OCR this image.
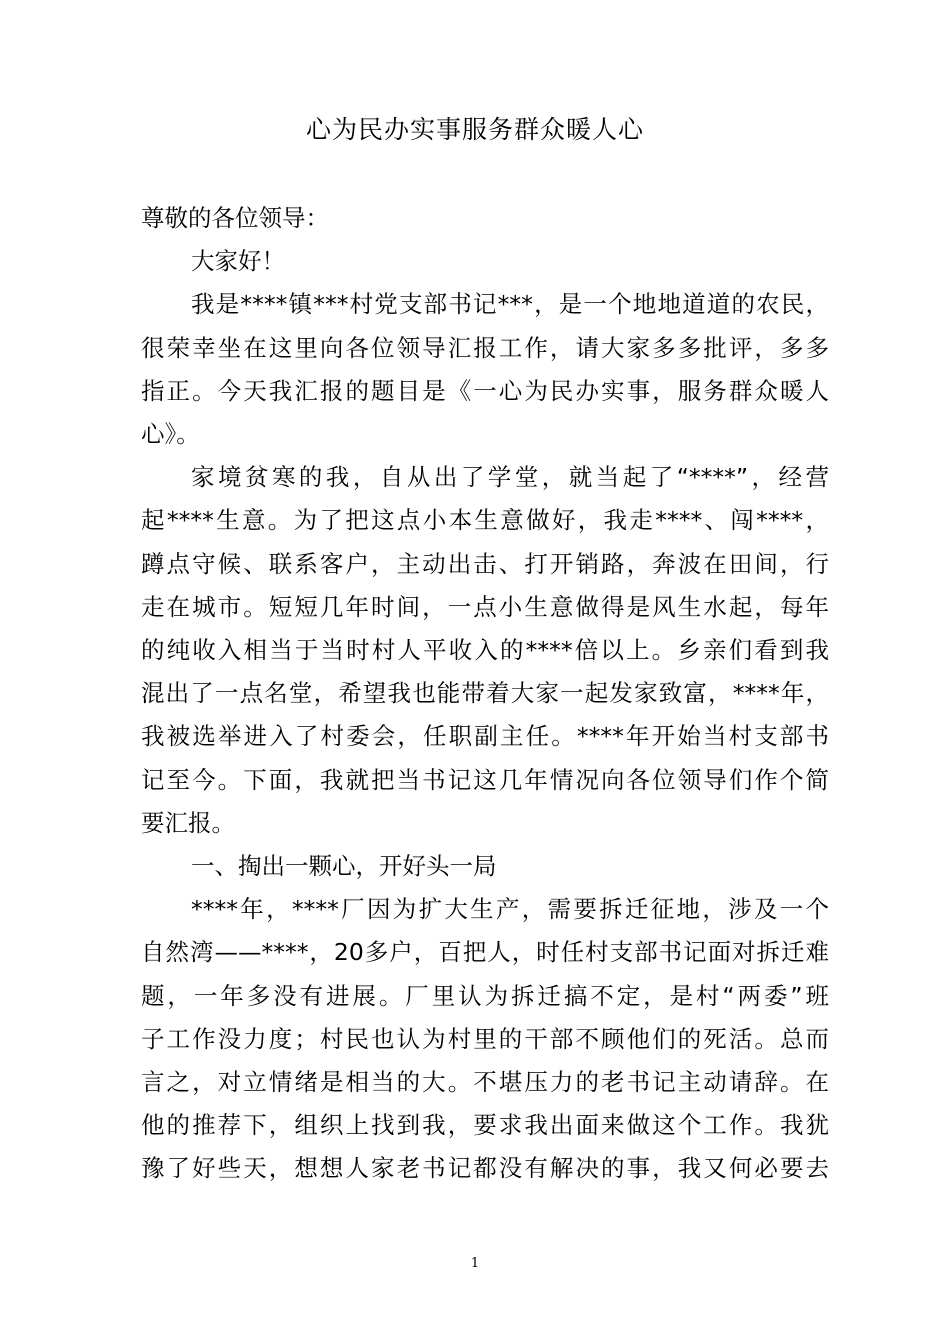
心为民办实事服务群众暖人心
尊敬的各位领导：
大家好！
我是****镇***村党支部书记***，是一个地地道道的农民，
很荣幸坐在这里向各位领导汇报工作，请大家多多批评，多多
指正。今天我汇报的题目是《一心为民办实事，服务群众暖人
心》。
家境贫寒的我，自从出了学堂，就当起了“****”，经营
起****生意。为了把这点小本生意做好，我走****、闯****，
蹲点守候、联系客户，主动出击、打开销路，奔波在田间，行
走在城市。短短几年时间，一点小生意做得是风生水起，每年
的纯收入相当于当时村人平收入的****倍以上。乡亲们看到我
混出了一点名堂，希望我也能带着大家一起发家致富，****年，
我被选举进入了村委会，任职副主任。****年开始当村支部书
记至今。下面，我就把当书记这几年情况向各位领导们作个简
要汇报。
一、掏出一颗心，开好头一局
****年，****厂因为扩大生产，需要拆迁征地，涉及一个
自然湾——****，20多户，百把人，时任村支部书记面对拆迁难
题，一年多没有进展。厂里认为拆迁搞不定，是村“两委”班
子工作没力度；村民也认为村里的干部不顾他们的死活。总而
言之，对立情绪是相当的大。不堪压力的老书记主动请辞。在
他的推荐下，组织上找到我，要求我出面来做这个工作。我犹
豫了好些天，想想人家老书记都没有解决的事，我又何必要去
1
